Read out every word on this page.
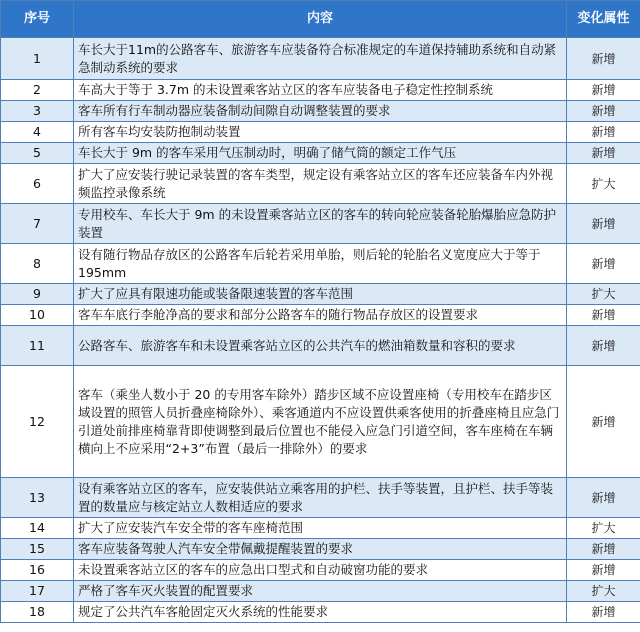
序号	内容	变化属性
1	车长大于11m的公路客车、旅游客车应装备符合标准规定的车道保持辅助系统和自动紧急制动系统的要求	新增
2	车高大于等于 3.7m 的未设置乘客站立区的客车应装备电子稳定性控制系统	新增
3	客车所有行车制动器应装备制动间隙自动调整装置的要求	新增
4	所有客车均安装防抱制动装置	新增
5	车长大于 9m 的客车采用气压制动时，明确了储气筒的额定工作气压	新增
6	扩大了应安装行驶记录装置的客车类型，规定设有乘客站立区的客车还应装备车内外视频监控录像系统	扩大
7	专用校车、车长大于 9m 的未设置乘客站立区的客车的转向轮应装备轮胎爆胎应急防护装置	新增
8	设有随行物品存放区的公路客车后轮若采用单胎，则后轮的轮胎名义宽度应大于等于195mm	新增
9	扩大了应具有限速功能或装备限速装置的客车范围	扩大
10	客车车底行李舱净高的要求和部分公路客车的随行物品存放区的设置要求	新增
11	公路客车、旅游客车和未设置乘客站立区的公共汽车的燃油箱数量和容积的要求	新增
12	客车（乘坐人数小于 20 的专用客车除外）踏步区域不应设置座椅（专用校车在踏步区域设置的照管人员折叠座椅除外）、乘客通道内不应设置供乘客使用的折叠座椅且应急门引道处前排座椅靠背即使调整到最后位置也不能侵入应急门引道空间，客车座椅在车辆横向上不应采用“2+3”布置（最后一排除外）的要求	新增
13	设有乘客站立区的客车，应安装供站立乘客用的护栏、扶手等装置，且护栏、扶手等装置的数量应与核定站立人数相适应的要求	新增
14	扩大了应安装汽车安全带的客车座椅范围	扩大
15	客车应装备驾驶人汽车安全带佩戴提醒装置的要求	新增
16	未设置乘客站立区的客车的应急出口型式和自动破窗功能的要求	新增
17	严格了客车灭火装置的配置要求	扩大
18	规定了公共汽车客舱固定灭火系统的性能要求	新增
